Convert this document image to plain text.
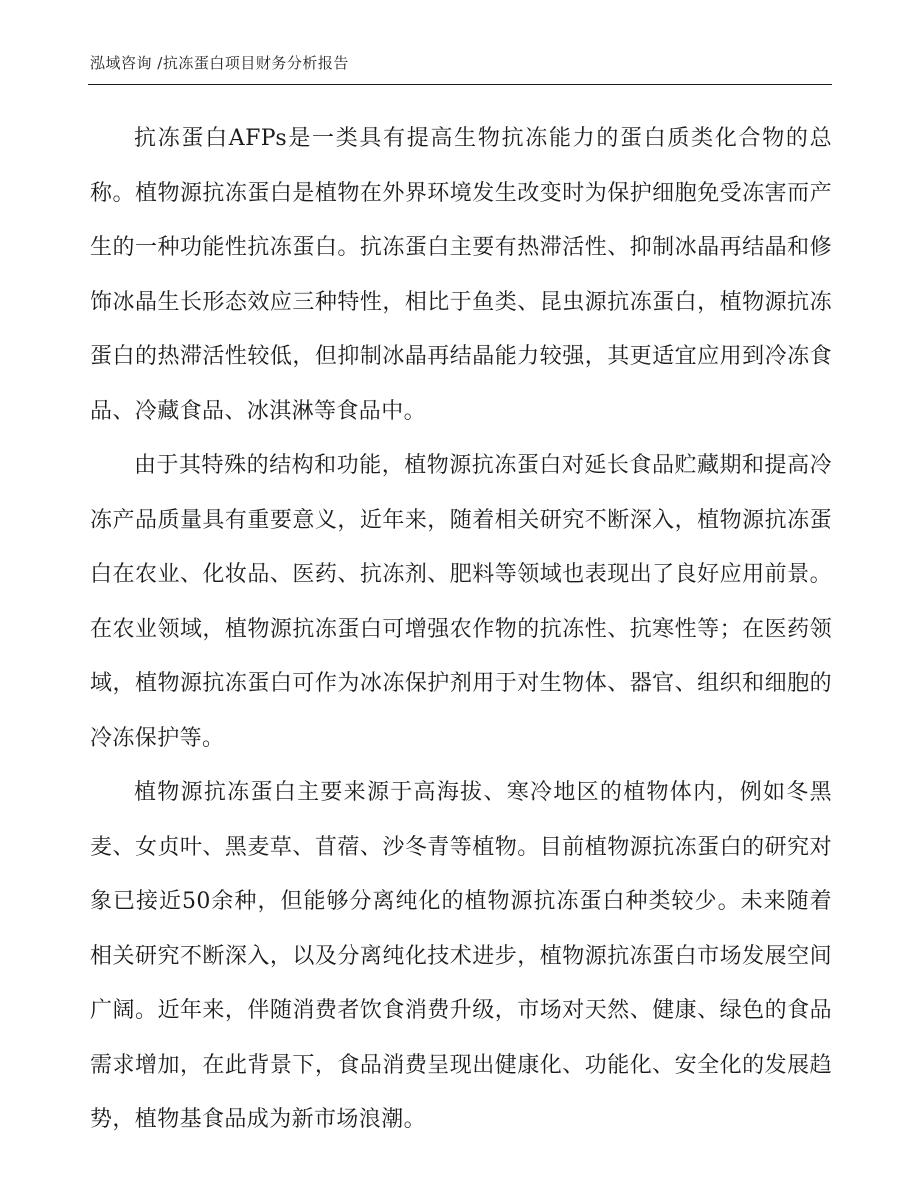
泓域咨询 /抗冻蛋白项目财务分析报告

抗冻蛋白AFPs是一类具有提高生物抗冻能力的蛋白质类化合物的总称。植物源抗冻蛋白是植物在外界环境发生改变时为保护细胞免受冻害而产生的一种功能性抗冻蛋白。抗冻蛋白主要有热滞活性、抑制冰晶再结晶和修饰冰晶生长形态效应三种特性，相比于鱼类、昆虫源抗冻蛋白，植物源抗冻蛋白的热滞活性较低，但抑制冰晶再结晶能力较强，其更适宜应用到冷冻食品、冷藏食品、冰淇淋等食品中。

由于其特殊的结构和功能，植物源抗冻蛋白对延长食品贮藏期和提高冷冻产品质量具有重要意义，近年来，随着相关研究不断深入，植物源抗冻蛋白在农业、化妆品、医药、抗冻剂、肥料等领域也表现出了良好应用前景。在农业领域，植物源抗冻蛋白可增强农作物的抗冻性、抗寒性等；在医药领域，植物源抗冻蛋白可作为冰冻保护剂用于对生物体、器官、组织和细胞的冷冻保护等。

植物源抗冻蛋白主要来源于高海拔、寒冷地区的植物体内，例如冬黑麦、女贞叶、黑麦草、苜蓿、沙冬青等植物。目前植物源抗冻蛋白的研究对象已接近50余种，但能够分离纯化的植物源抗冻蛋白种类较少。未来随着相关研究不断深入，以及分离纯化技术进步，植物源抗冻蛋白市场发展空间广阔。近年来，伴随消费者饮食消费升级，市场对天然、健康、绿色的食品需求增加，在此背景下，食品消费呈现出健康化、功能化、安全化的发展趋势，植物基食品成为新市场浪潮。
